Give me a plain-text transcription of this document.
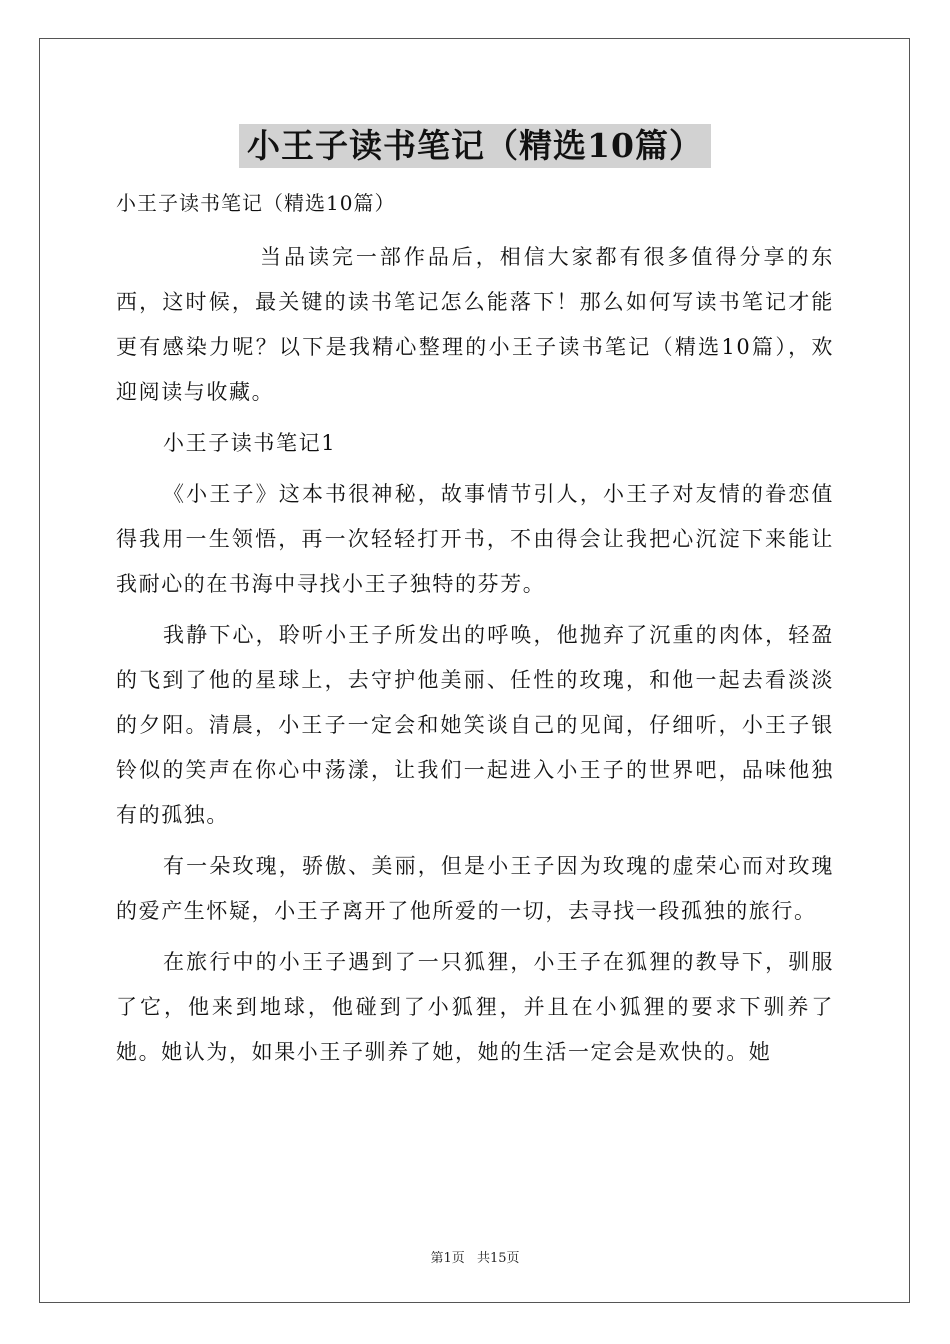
小王子读书笔记（精选10篇）

小王子读书笔记（精选10篇）

当品读完一部作品后，相信大家都有很多值得分享的东西，这时候，最关键的读书笔记怎么能落下！那么如何写读书笔记才能更有感染力呢？以下是我精心整理的小王子读书笔记（精选10篇），欢迎阅读与收藏。

小王子读书笔记1

《小王子》这本书很神秘，故事情节引人，小王子对友情的眷恋值得我用一生领悟，再一次轻轻打开书，不由得会让我把心沉淀下来能让我耐心的在书海中寻找小王子独特的芬芳。

我静下心，聆听小王子所发出的呼唤，他抛弃了沉重的肉体，轻盈的飞到了他的星球上，去守护他美丽、任性的玫瑰，和他一起去看淡淡的夕阳。清晨，小王子一定会和她笑谈自己的见闻，仔细听，小王子银铃似的笑声在你心中荡漾，让我们一起进入小王子的世界吧，品味他独有的孤独。

有一朵玫瑰，骄傲、美丽，但是小王子因为玫瑰的虚荣心而对玫瑰的爱产生怀疑，小王子离开了他所爱的一切，去寻找一段孤独的旅行。

在旅行中的小王子遇到了一只狐狸，小王子在狐狸的教导下，驯服了它，他来到地球，他碰到了小狐狸，并且在小狐狸的要求下驯养了她。她认为，如果小王子驯养了她，她的生活一定会是欢快的。她

第1页 共15页
